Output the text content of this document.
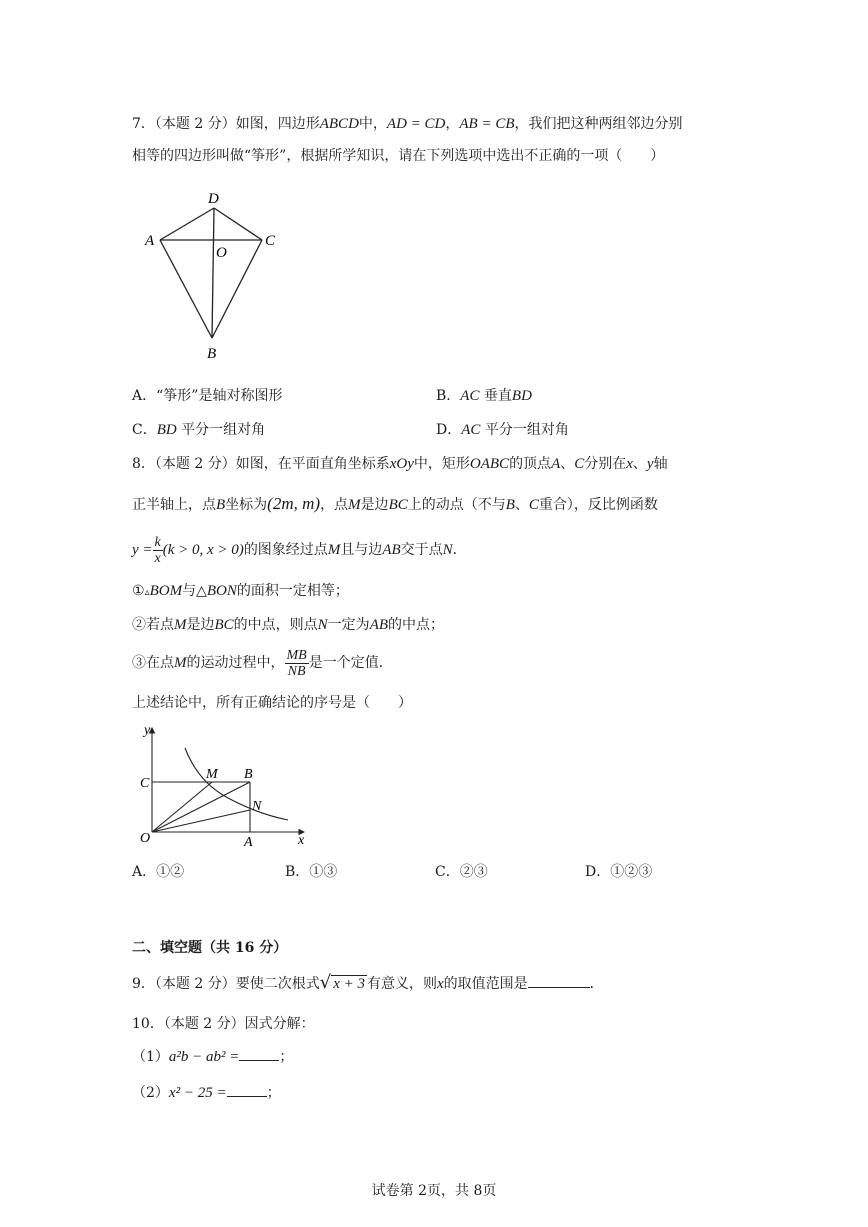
7．（本题 2 分）如图，四边形ABCD中，AD = CD，AB = CB，我们把这种两组邻边分别
相等的四边形叫做“筝形”，根据所学知识，请在下列选项中选出不正确的一项（　　）
D
A
O
C
B
A．“筝形”是轴对称图形	B．AC 垂直BD
C．BD 平分一组对角	D．AC 平分一组对角
8．（本题 2 分）如图，在平面直角坐标系xOy中，矩形OABC的顶点A、C分别在x、y轴
正半轴上，点B坐标为(2m, m)，点M是边BC上的动点（不与B、C重合），反比例函数
$y = \frac{k}{x} (k > 0$, x > 0)的图象经过点M且与边AB交于点N．
①▵BOM与△BON的面积一定相等；
②若点M是边BC的中点，则点N一定为AB的中点；
③在点M的运动过程中， $\frac{MB}{NB}$ 是一个定值．
上述结论中，所有正确结论的序号是（　　）
y
x
O
C
M B
N
A
A．①②	B．①③	C．②③	D．①②③
二、填空题（共 16 分）
9．（本题 2 分）要使二次根式√ x + 3 有意义，则x的取值范围是	．
10．（本题 2 分）因式分解：
（1）a²b − ab² =	；
（2）x² − 25 =	；
试卷第 2页，共 8页
